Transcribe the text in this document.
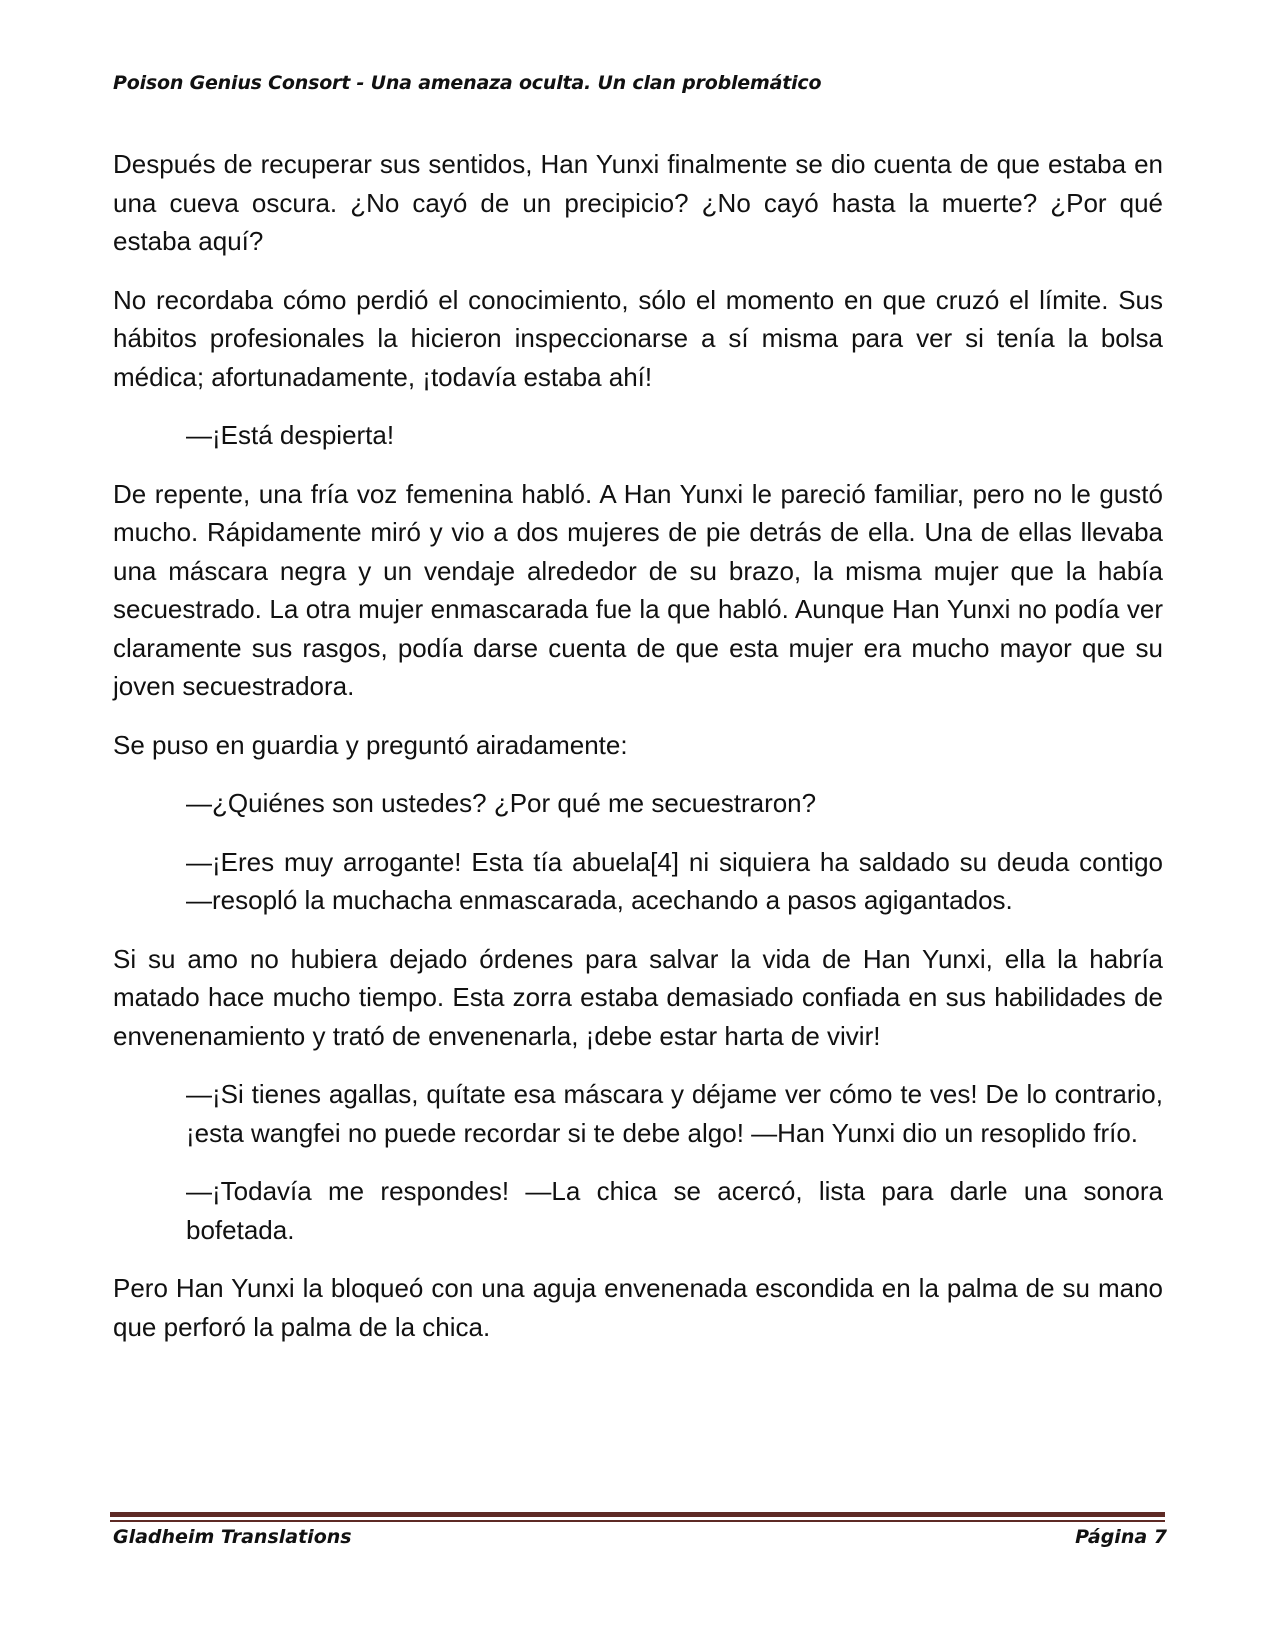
Poison Genius Consort - Una amenaza oculta. Un clan problemático

Después de recuperar sus sentidos, Han Yunxi finalmente se dio cuenta de que estaba en una cueva oscura. ¿No cayó de un precipicio? ¿No cayó hasta la muerte? ¿Por qué estaba aquí?

No recordaba cómo perdió el conocimiento, sólo el momento en que cruzó el límite. Sus hábitos profesionales la hicieron inspeccionarse a sí misma para ver si tenía la bolsa médica; afortunadamente, ¡todavía estaba ahí!

—¡Está despierta!

De repente, una fría voz femenina habló. A Han Yunxi le pareció familiar, pero no le gustó mucho. Rápidamente miró y vio a dos mujeres de pie detrás de ella. Una de ellas llevaba una máscara negra y un vendaje alrededor de su brazo, la misma mujer que la había secuestrado. La otra mujer enmascarada fue la que habló. Aunque Han Yunxi no podía ver claramente sus rasgos, podía darse cuenta de que esta mujer era mucho mayor que su joven secuestradora.

Se puso en guardia y preguntó airadamente:

—¿Quiénes son ustedes? ¿Por qué me secuestraron?

—¡Eres muy arrogante! Esta tía abuela[4] ni siquiera ha saldado su deuda contigo —resopló la muchacha enmascarada, acechando a pasos agigantados.

Si su amo no hubiera dejado órdenes para salvar la vida de Han Yunxi, ella la habría matado hace mucho tiempo. Esta zorra estaba demasiado confiada en sus habilidades de envenenamiento y trató de envenenarla, ¡debe estar harta de vivir!

—¡Si tienes agallas, quítate esa máscara y déjame ver cómo te ves! De lo contrario, ¡esta wangfei no puede recordar si te debe algo! —Han Yunxi dio un resoplido frío.

—¡Todavía me respondes! —La chica se acercó, lista para darle una sonora bofetada.

Pero Han Yunxi la bloqueó con una aguja envenenada escondida en la palma de su mano que perforó la palma de la chica.

Gladheim Translations	Página 7
